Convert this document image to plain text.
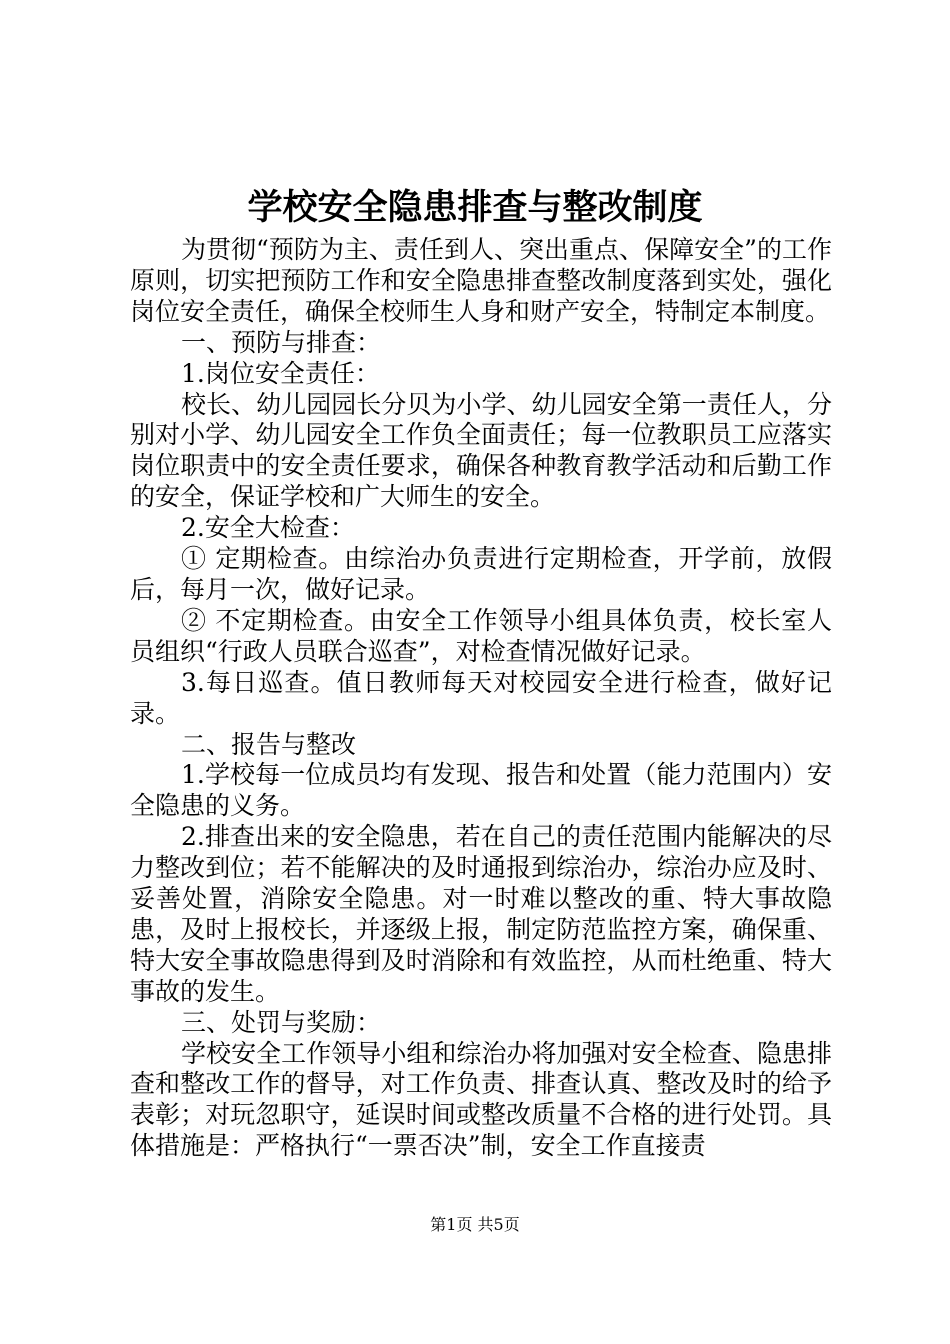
学校安全隐患排查与整改制度

为贯彻“预防为主、责任到人、突出重点、保障安全”的工作原则，切实把预防工作和安全隐患排查整改制度落到实处，强化岗位安全责任，确保全校师生人身和财产安全，特制定本制度。

一、预防与排查：

1.岗位安全责任：

校长、幼儿园园长分贝为小学、幼儿园安全第一责任人，分别对小学、幼儿园安全工作负全面责任；每一位教职员工应落实岗位职责中的安全责任要求，确保各种教育教学活动和后勤工作的安全，保证学校和广大师生的安全。

2.安全大检查：

① 定期检查。由综治办负责进行定期检查，开学前，放假后，每月一次，做好记录。

② 不定期检查。由安全工作领导小组具体负责，校长室人员组织“行政人员联合巡查”，对检查情况做好记录。

3.每日巡查。值日教师每天对校园安全进行检查，做好记录。

二、报告与整改

1.学校每一位成员均有发现、报告和处置（能力范围内）安全隐患的义务。

2.排查出来的安全隐患，若在自己的责任范围内能解决的尽力整改到位；若不能解决的及时通报到综治办，综治办应及时、妥善处置，消除安全隐患。对一时难以整改的重、特大事故隐患，及时上报校长，并逐级上报，制定防范监控方案，确保重、特大安全事故隐患得到及时消除和有效监控，从而杜绝重、特大事故的发生。

三、处罚与奖励：

学校安全工作领导小组和综治办将加强对安全检查、隐患排查和整改工作的督导，对工作负责、排查认真、整改及时的给予表彰；对玩忽职守，延误时间或整改质量不合格的进行处罚。具体措施是：严格执行“一票否决”制，安全工作直接责

第1页 共5页
